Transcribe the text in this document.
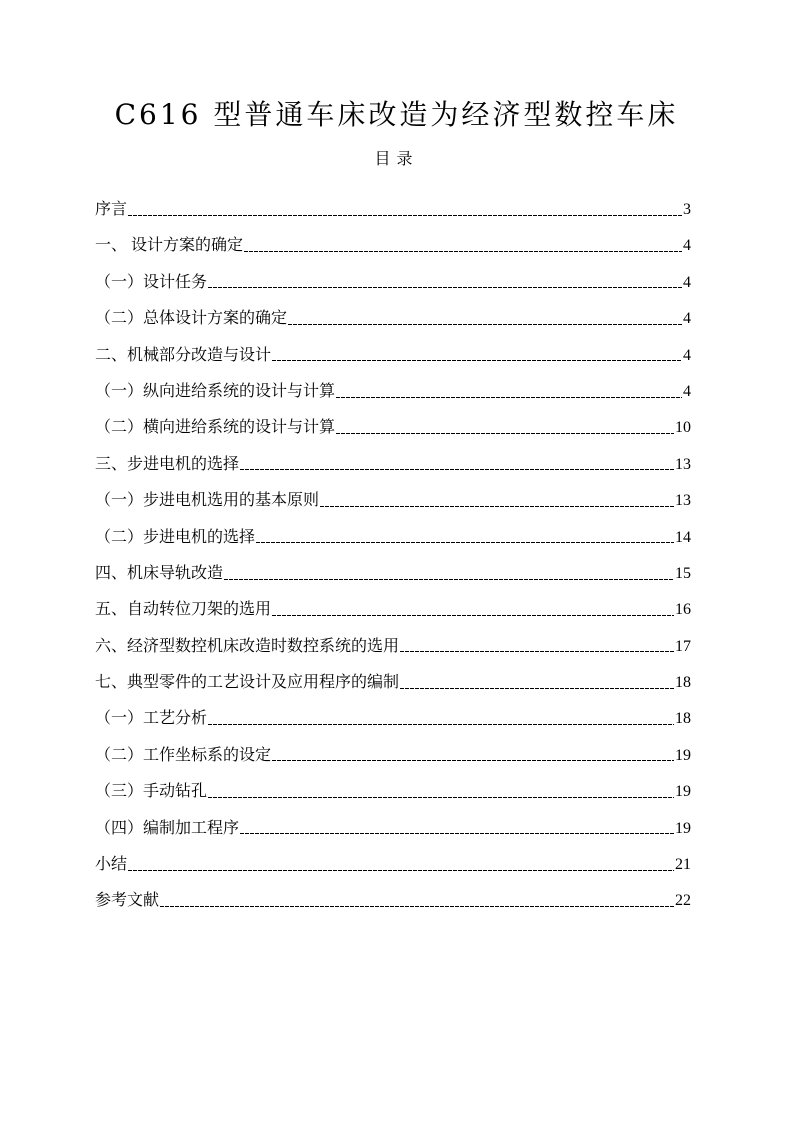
C616 型普通车床改造为经济型数控车床
目录
序言	3
一、 设计方案的确定	4
（一）设计任务	4
（二）总体设计方案的确定	4
二、机械部分改造与设计	4
（一）纵向进给系统的设计与计算	4
（二）横向进给系统的设计与计算	10
三、步进电机的选择	13
（一）步进电机选用的基本原则	13
（二）步进电机的选择	14
四、机床导轨改造	15
五、自动转位刀架的选用	16
六、经济型数控机床改造时数控系统的选用	17
七、典型零件的工艺设计及应用程序的编制	18
（一）工艺分析	18
（二）工作坐标系的设定	19
（三）手动钻孔	19
（四）编制加工程序	19
小结	21
参考文献	22
